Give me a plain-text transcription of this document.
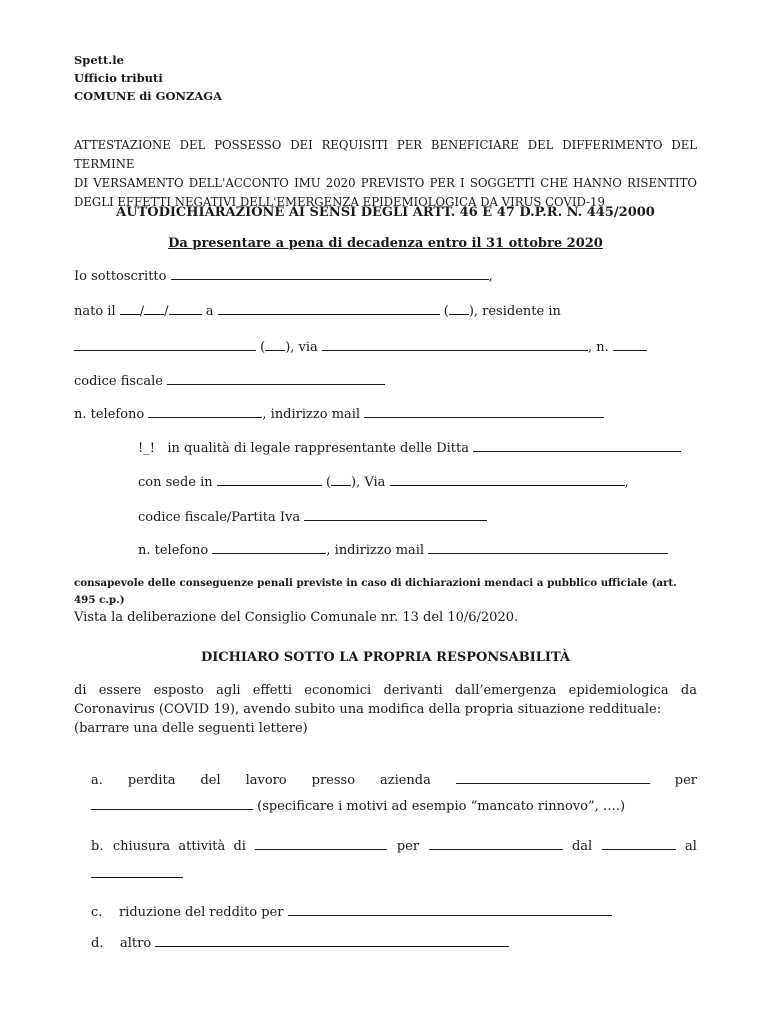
Spett.le
Ufficio tributi
COMUNE di GONZAGA
ATTESTAZIONE DEL POSSESSO DEI REQUISITI PER BENEFICIARE DEL DIFFERIMENTO DEL TERMINE
DI VERSAMENTO DELL'ACCONTO IMU 2020 PREVISTO PER I SOGGETTI CHE HANNO RISENTITO
DEGLI EFFETTI NEGATIVI DELL'EMERGENZA EPIDEMIOLOGICA DA VIRUS COVID-19
AUTODICHIARAZIONE AI SENSI DEGLI ARTT. 46 E 47 D.P.R. N. 445/2000
Da presentare a pena di decadenza entro il 31 ottobre 2020
Io sottoscritto	,
nato il / /	a	( ), residente in
( ), via	, n.
codice fiscale
n. telefono	, indirizzo mail
!_! in qualità di legale rappresentante delle Ditta
con sede in	( ), Via	,
codice fiscale/Partita Iva
n. telefono	, indirizzo mail
consapevole delle conseguenze penali previste in caso di dichiarazioni mendaci a pubblico ufficiale (art.
495 c.p.)
Vista la deliberazione del Consiglio Comunale nr. 13 del 10/6/2020.
DICHIARO SOTTO LA PROPRIA RESPONSABILITÀ
di essere esposto agli effetti economici derivanti dall’emergenza epidemiologica da
Coronavirus (COVID 19), avendo subito una modifica della propria situazione reddituale:
(barrare una delle seguenti lettere)
a. perdita del lavoro presso azienda	per
(specificare i motivi ad esempio “mancato rinnovo”, ….)
b. chiusura  attività  di	per	dal	al
c. riduzione del reddito per
d. altro
